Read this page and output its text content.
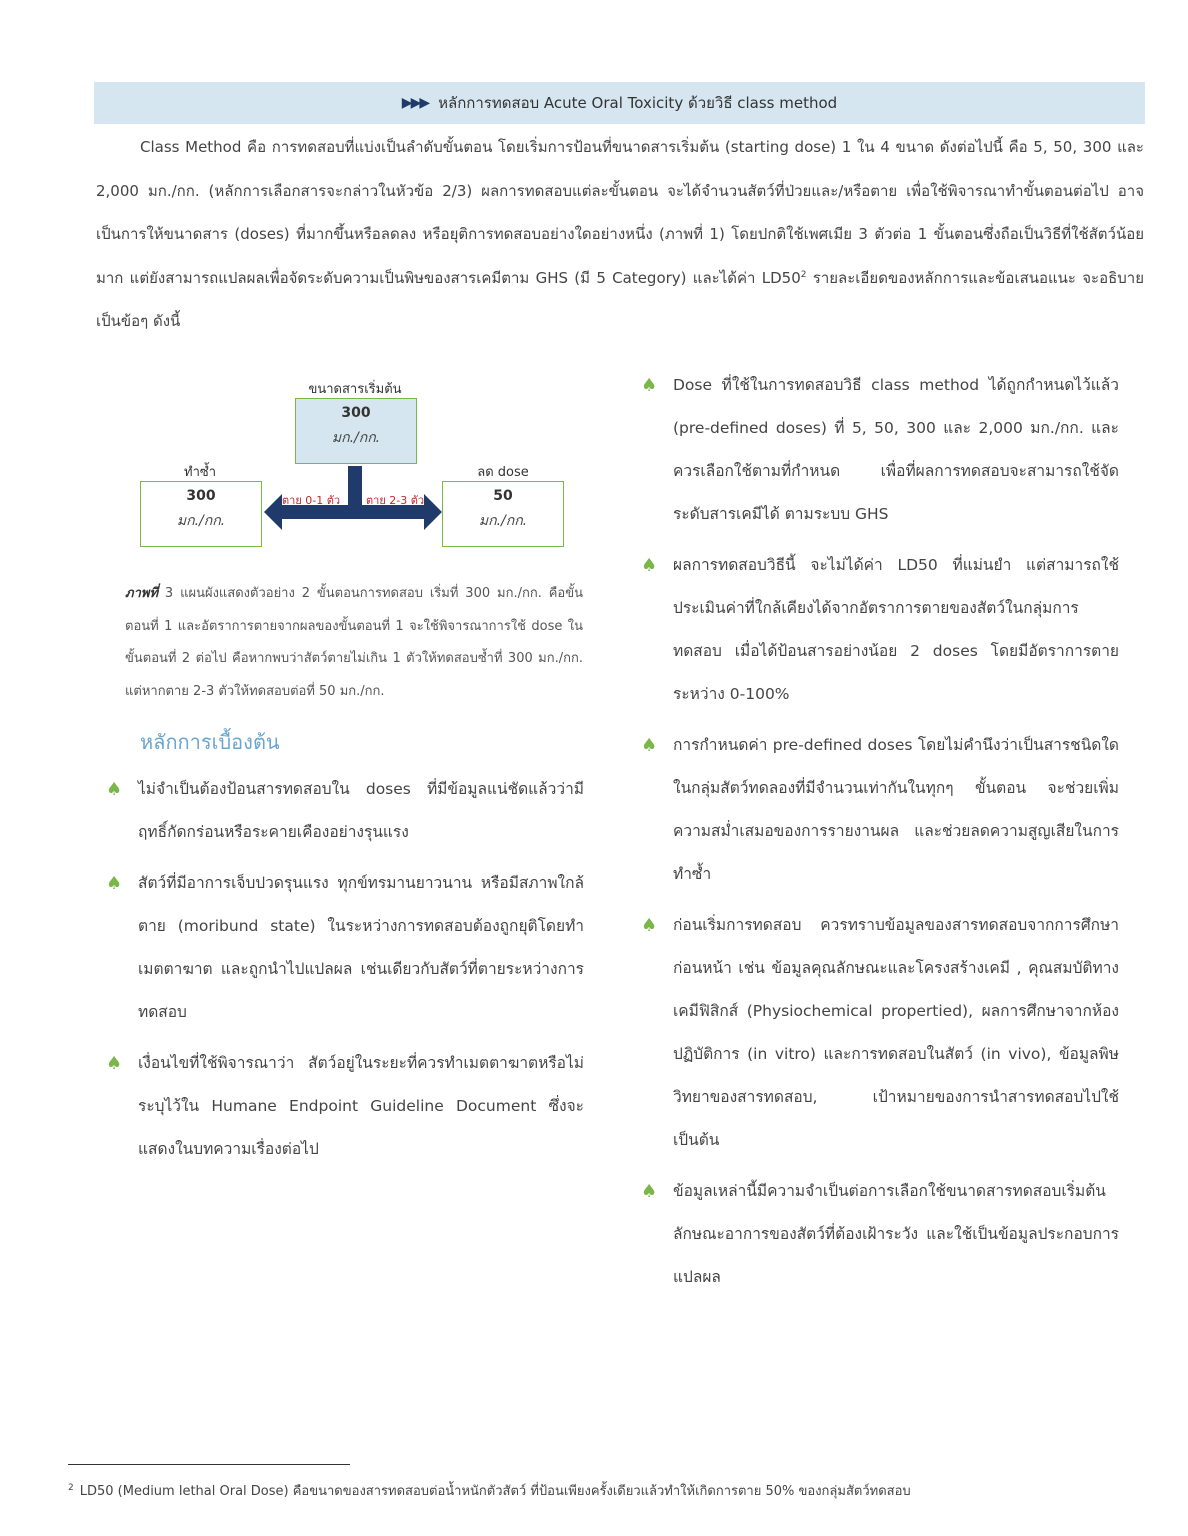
▶▶▶ หลักการทดสอบ Acute Oral Toxicity ด้วยวิธี class method
Class Method คือ การทดสอบที่แบ่งเป็นลำดับขั้นตอน โดยเริ่มการป้อนที่ขนาดสารเริ่มต้น (starting dose) 1 ใน 4 ขนาด ดังต่อไปนี้ คือ 5, 50, 300 และ 2,000 มก./กก. (หลักการเลือกสารจะกล่าวในหัวข้อ 2/3) ผลการทดสอบแต่ละขั้นตอน จะได้จำนวนสัตว์ที่ป่วยและ/หรือตาย เพื่อใช้พิจารณาทำขั้นตอนต่อไป อาจเป็นการให้ขนาดสาร (doses) ที่มากขึ้นหรือลดลง หรือยุติการทดสอบอย่างใดอย่างหนึ่ง (ภาพที่ 1) โดยปกติใช้เพศเมีย 3 ตัวต่อ 1 ขั้นตอนซึ่งถือเป็นวิธีที่ใช้สัตว์น้อยมาก แต่ยังสามารถแปลผลเพื่อจัดระดับความเป็นพิษของสารเคมีตาม GHS (มี 5 Category) และได้ค่า $LD50^2$ รายละเอียดของหลักการและข้อเสนอแนะ จะอธิบายเป็นข้อๆ ดังนี้
ขนาดสารเริ่มต้น
300
มก./กก.
ทำซ้ำ
300
มก./กก.
ลด dose
50
มก./กก.
ตาย 0-1 ตัว ตาย 2-3 ตัว
ภาพที่ 3 แผนผังแสดงตัวอย่าง 2 ขั้นตอนการทดสอบ เริ่มที่ 300 มก./กก. คือขั้นตอนที่ 1 และอัตราการตายจากผลของขั้นตอนที่ 1 จะใช้พิจารณาการใช้ dose ในขั้นตอนที่ 2 ต่อไป คือหากพบว่าสัตว์ตายไม่เกิน 1 ตัวให้ทดสอบซ้ำที่ 300 มก./กก. แต่หากตาย 2-3 ตัวให้ทดสอบต่อที่ 50 มก./กก.
หลักการเบื้องต้น
♠ ไม่จำเป็นต้องป้อนสารทดสอบใน doses ที่มีข้อมูลแน่ชัดแล้วว่ามีฤทธิ์กัดกร่อนหรือระคายเคืองอย่างรุนแรง
♠ สัตว์ที่มีอาการเจ็บปวดรุนแรง ทุกข์ทรมานยาวนาน หรือมีสภาพใกล้ตาย (moribund state) ในระหว่างการทดสอบต้องถูกยุติโดยทำเมตตาฆาต และถูกนำไปแปลผล เช่นเดียวกับสัตว์ที่ตายระหว่างการทดสอบ
♠ เงื่อนไขที่ใช้พิจารณาว่า สัตว์อยู่ในระยะที่ควรทำเมตตาฆาตหรือไม่ ระบุไว้ใน Humane Endpoint Guideline Document ซึ่งจะแสดงในบทความเรื่องต่อไป
♠ Dose ที่ใช้ในการทดสอบวิธี class method ได้ถูกกำหนดไว้แล้ว (pre-defined doses) ที่ 5, 50, 300 และ 2,000 มก./กก. และควรเลือกใช้ตามที่กำหนด เพื่อที่ผลการทดสอบจะสามารถใช้จัดระดับสารเคมีได้ ตามระบบ GHS
♠ ผลการทดสอบวิธีนี้ จะไม่ได้ค่า LD50 ที่แม่นยำ แต่สามารถใช้ประเมินค่าที่ใกล้เคียงได้จากอัตราการตายของสัตว์ในกลุ่มการทดสอบ เมื่อได้ป้อนสารอย่างน้อย 2 doses โดยมีอัตราการตายระหว่าง 0-100%
♠ การกำหนดค่า pre-defined doses โดยไม่คำนึงว่าเป็นสารชนิดใด ในกลุ่มสัตว์ทดลองที่มีจำนวนเท่ากันในทุกๆ ขั้นตอน จะช่วยเพิ่มความสม่ำเสมอของการรายงานผล และช่วยลดความสูญเสียในการทำซ้ำ
♠ ก่อนเริ่มการทดสอบ ควรทราบข้อมูลของสารทดสอบจากการศึกษาก่อนหน้า เช่น ข้อมูลคุณลักษณะและโครงสร้างเคมี , คุณสมบัติทางเคมีฟิสิกส์ (Physiochemical propertied), ผลการศึกษาจากห้องปฏิบัติการ (in vitro) และการทดสอบในสัตว์ (in vivo), ข้อมูลพิษวิทยาของสารทดสอบ, เป้าหมายของการนำสารทดสอบไปใช้ เป็นต้น
♠ ข้อมูลเหล่านี้มีความจำเป็นต่อการเลือกใช้ขนาดสารทดสอบเริ่มต้น ลักษณะอาการของสัตว์ที่ต้องเฝ้าระวัง และใช้เป็นข้อมูลประกอบการแปลผล
$^2$ LD50 (Medium lethal Oral Dose) คือขนาดของสารทดสอบต่อน้ำหนักตัวสัตว์ ที่ป้อนเพียงครั้งเดียวแล้วทำให้เกิดการตาย 50% ของกลุ่มสัตว์ทดสอบ
